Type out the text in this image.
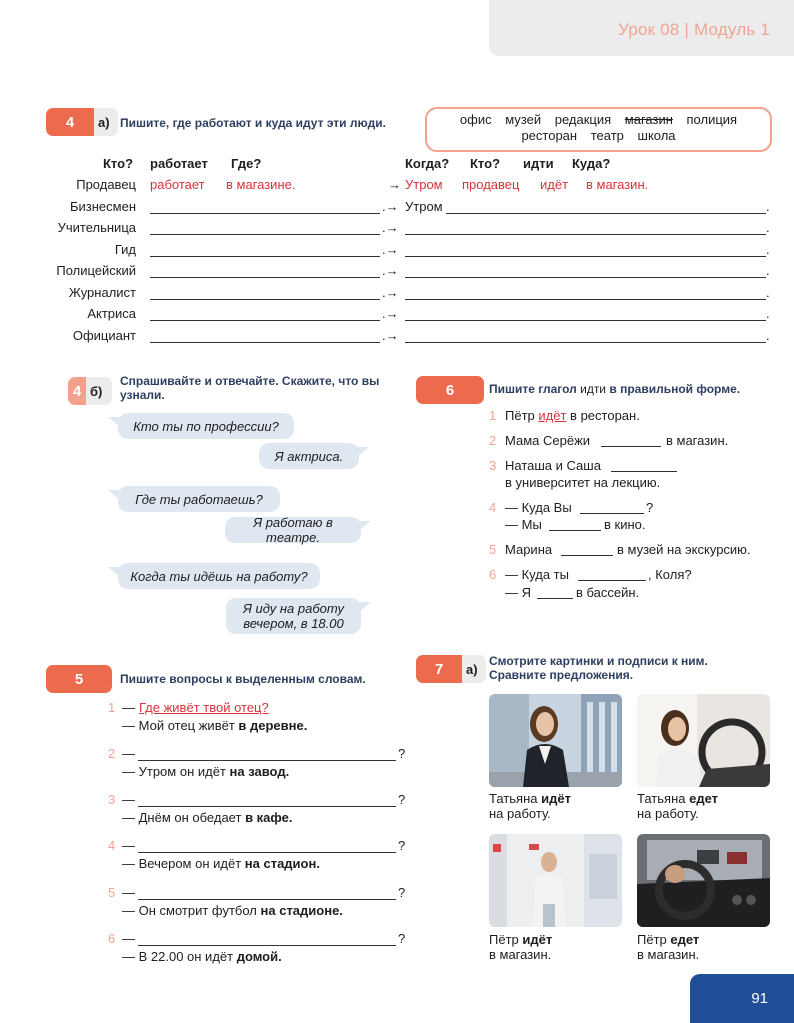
Урок 08 | Модуль 1
4	а) Пишите, где работают и куда идут эти люди.	офис музей редакция магазин полиция
ресторан театр школа
Кто? работает Где?	Когда? Кто? идти Куда?
Продавец работает в магазине.	→ Утром продавец идёт в магазин.
Бизнесмен	.→ Утром	.
Учительница	.→	.
Гид	.→	.
Полицейский	.→	.
Журналист	.→	.
Актриса	.→	.
Официант	.→	.
4 б)
Спрашивайте и отвечайте. Скажите, что вы узнали.
Кто ты по профессии?
Я актриса.
Где ты работаешь?
Я работаю в театре.
Когда ты идёшь на работу?
Я иду на работу вечером, в 18.00
6	Пишите глагол идти в правильной форме.
1 Пётр идёт в ресторан.
2 Мама Серёжи	в магазин.
3 Наташа и Саша
в университет на лекцию.
4 — Куда Вы	?
— Мы	в кино.
5 Марина	в музей на экскурсию.
6 — Куда ты	, Коля?
— Я	в бассейн.
5	Пишите вопросы к выделенным словам.
1 — Где живёт твой отец?
— Мой отец живёт в деревне.
2 —	?
— Утром он идёт на завод.
3 —	?
— Днём он обедает в кафе.
4 —	?
— Вечером он идёт на стадион.
5 —	?
— Он смотрит футбол на стадионе.
6 —	?
— В 22.00 он идёт домой.
7	а)
Смотрите картинки и подписи к ним. Сравните предложения.
Татьяна идёт
на работу.
Татьяна едет
на работу.
Пётр идёт
в магазин.
Пётр едет
в магазин.
91
